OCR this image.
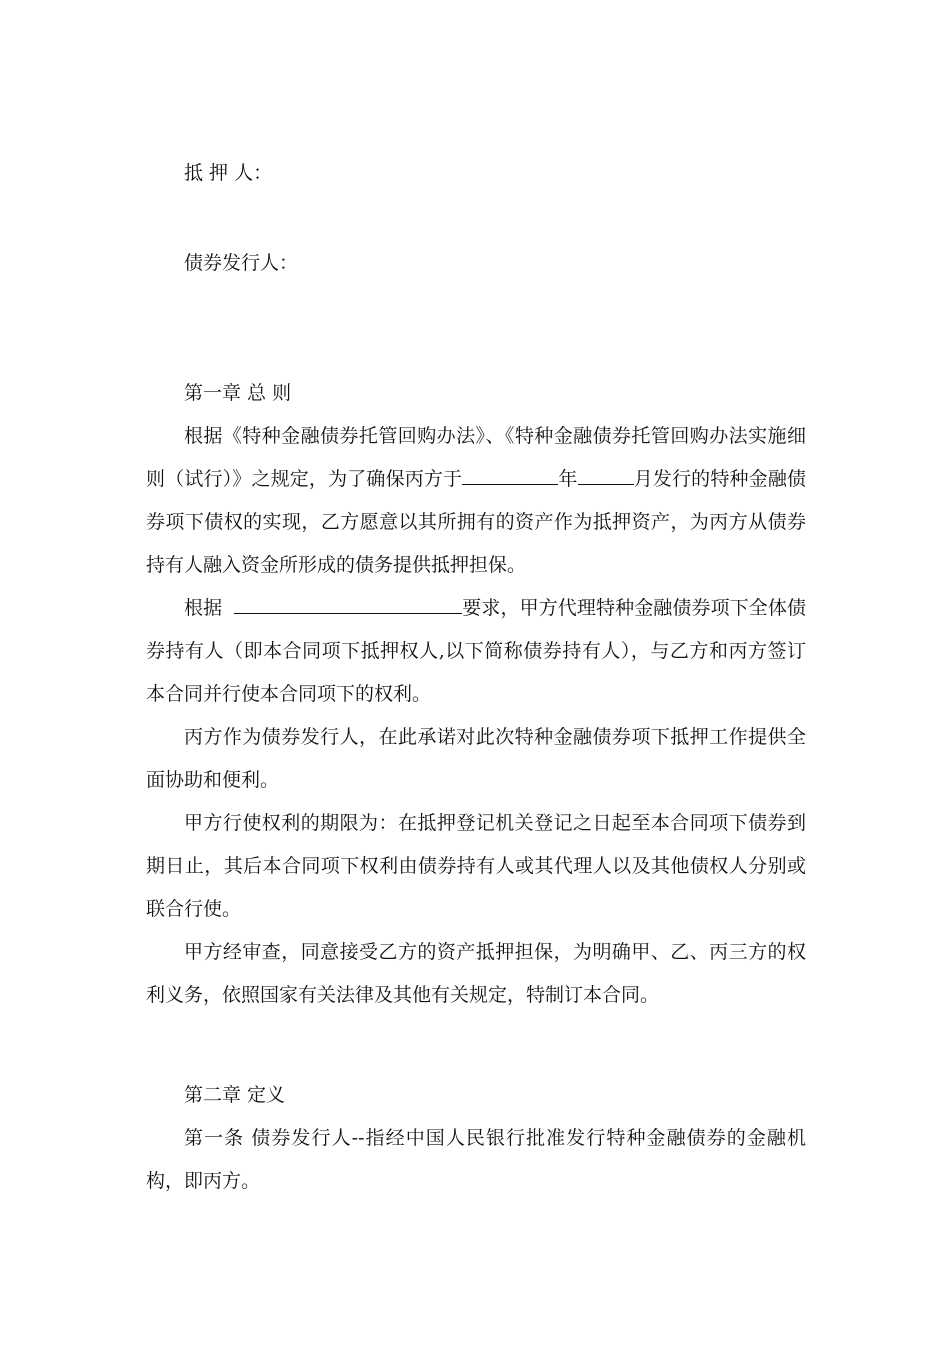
抵 押 人：
债券发行人：
第一章 总 则
根据《特种金融债券托管回购办法》、《特种金融债券托管回购办法实施细则（试行）》之规定，为了确保丙方于	年	月发行的特种金融债券项下债权的实现，乙方愿意以其所拥有的资产作为抵押资产，为丙方从债券持有人融入资金所形成的债务提供抵押担保。
根据	要求，甲方代理特种金融债券项下全体债券持有人（即本合同项下抵押权人,以下简称债券持有人），与乙方和丙方签订本合同并行使本合同项下的权利。
丙方作为债券发行人，在此承诺对此次特种金融债券项下抵押工作提供全面协助和便利。
甲方行使权利的期限为：在抵押登记机关登记之日起至本合同项下债券到期日止，其后本合同项下权利由债券持有人或其代理人以及其他债权人分别或联合行使。
甲方经审查，同意接受乙方的资产抵押担保，为明确甲、乙、丙三方的权利义务，依照国家有关法律及其他有关规定，特制订本合同。
第二章 定义
第一条 债券发行人--指经中国人民银行批准发行特种金融债券的金融机构，即丙方。
